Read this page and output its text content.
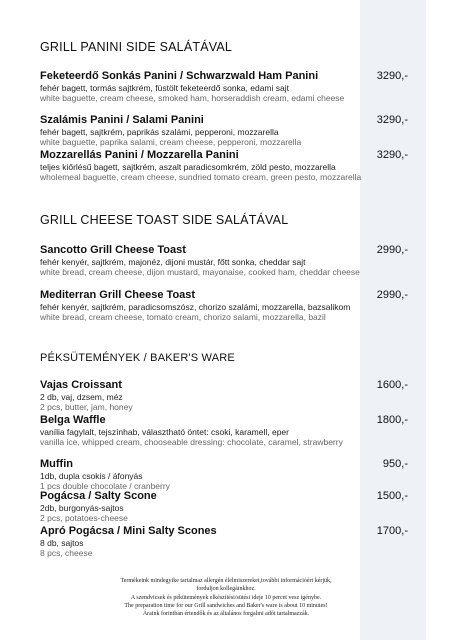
GRILL PANINI SIDE SALÁTÁVAL
Feketeerdő Sonkás Panini / Schwarzwald Ham Panini	3290,-
fehér bagett, tormás sajtkrém, füstölt feketeerdő sonka, edami sajt
white baguette, cream cheese, smoked ham, horseraddish cream, edami cheese
Szalámis Panini / Salami Panini	3290,-
fehér bagett, sajtkrém, paprikás szalámi, pepperoni, mozzarella
white baguette, paprika salami, cream cheese, pepperoni, mozzarella
Mozzarellás Panini / Mozzarella Panini	3290,-
teljes kiőrlésű bagett, sajtkrém, aszalt paradicsomkrém, zöld pesto, mozzarella
wholemeal baguette, cream cheese, sundried tomato cream, green pesto, mozzarella
GRILL CHEESE TOAST SIDE SALÁTÁVAL
Sancotto Grill Cheese Toast	2990,-
fehér kenyér, sajtkrém, majonéz, dijoni mustár, főtt sonka, cheddar sajt
white bread, cream cheese, dijon mustard, mayonaise, cooked ham, cheddar cheese
Mediterran Grill Cheese Toast	2990,-
fehér kenyér, sajtkrém, paradicsomszósz, chorizo szalámi, mozzarella, bazsalikom
white bread, cream cheese, tomato cream, chorizo salami, mozzarella, bazil
PÉKSÜTEMÉNYEK / BAKER'S WARE
Vajas Croissant	1600,-
2 db, vaj, dzsem, méz
2 pcs, butter, jam, honey
Belga Waffle	1800,-
vanília fagylalt, tejszínhab, választható öntet: csoki, karamell, eper
vanilla ice, whipped cream, chooseable dressing: chocolate, caramel, strawberry
Muffin	950,-
1db, dupla csokis / áfonyás
1 pcs double chocolate / cranberry
Pogácsa / Salty Scone	1500,-
2db, burgonyás-sajtos
2 pcs, potatoes-cheese
Apró Pogácsa / Mini Salty Scones	1700,-
8 db, sajtos
8 pcs, cheese
Termékeink mindegyike tartalmaz allergén élelmiszereket,további információért kérjük,
forduljon kollegáinkhoz.
A szendvicsek és pékütemények elkészítési/sütési ideje 10 percet vesz igénybe.
The preparation time for our Grill sandwiches and Baker's ware is about 10 minutes!
Áraink forintban értendők és az általános forgalmi adót tartalmazzák.
